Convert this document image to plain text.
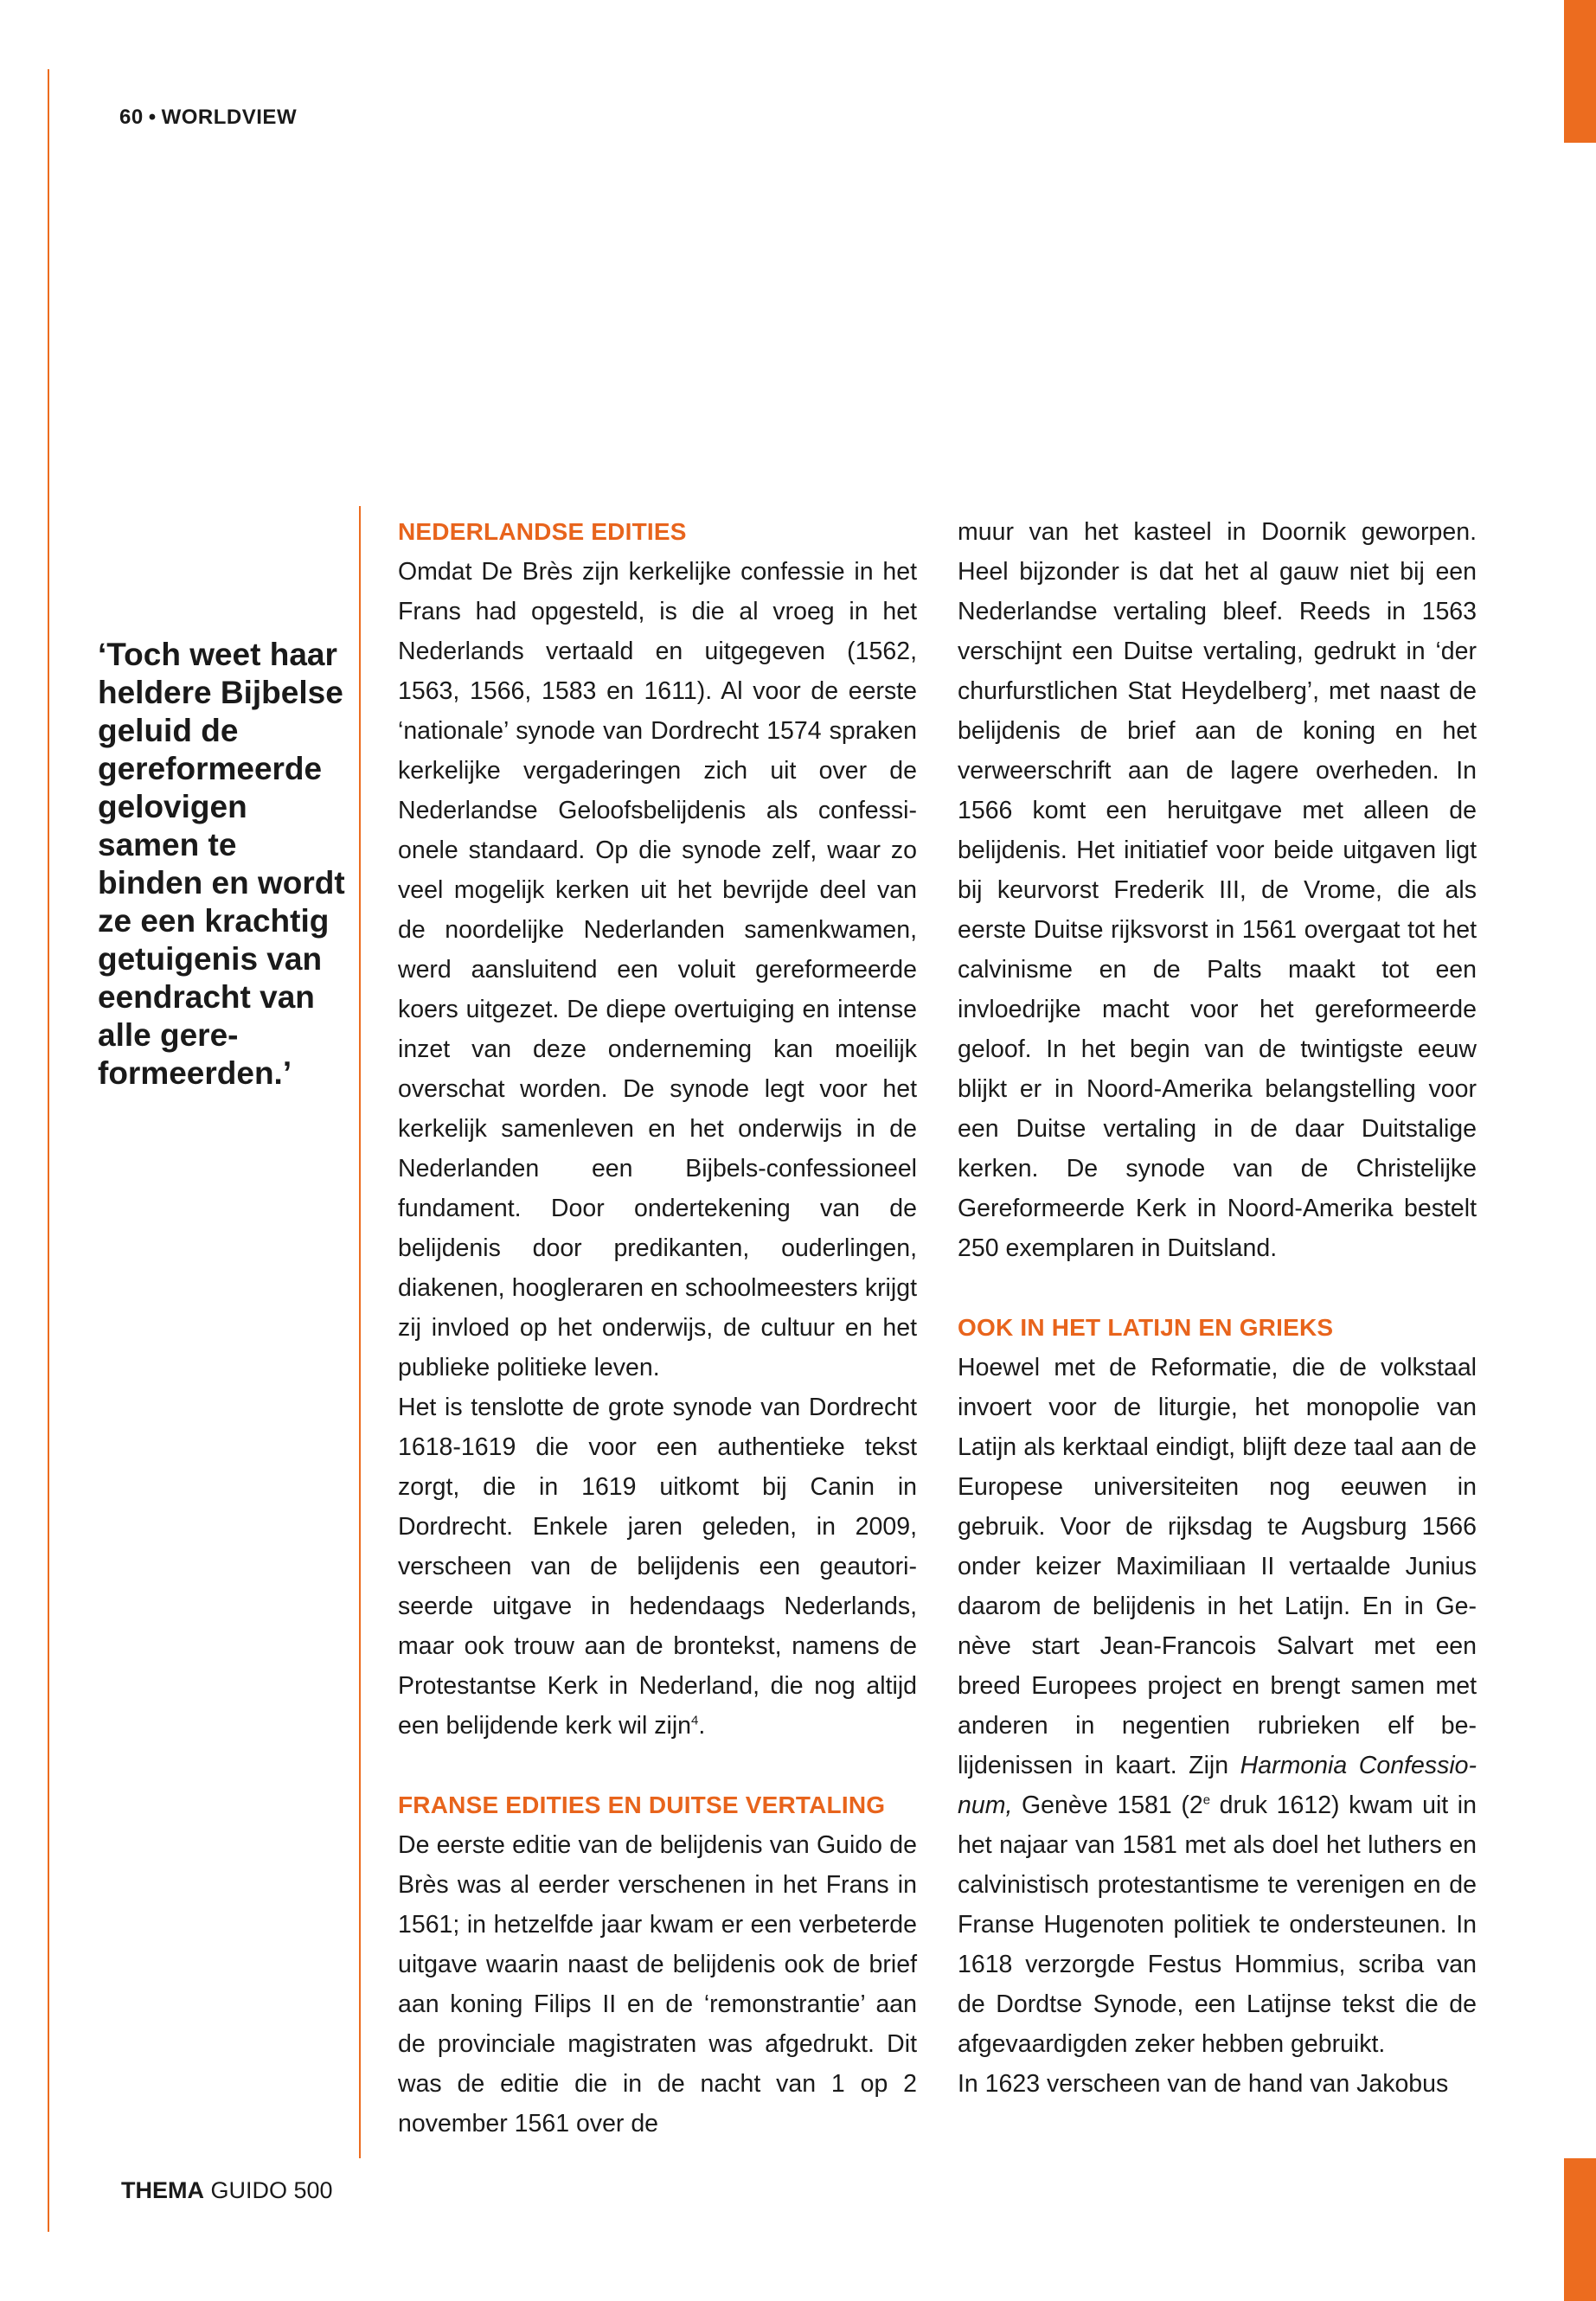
60 • WORLDVIEW
‘Toch weet haar heldere Bijbelse geluid de gereformeerde gelovigen samen te binden en wordt ze een krachtig getuigenis van eendracht van alle gere-formeerden.’
NEDERLANDSE EDITIES

Omdat De Brès zijn kerkelijke confessie in het Frans had opgesteld, is die al vroeg in het Nederlands vertaald en uitgegeven (1562, 1563, 1566, 1583 en 1611). Al voor de eerste ‘nationale’ synode van Dordrecht 1574 spraken kerkelijke vergaderingen zich uit over de Nederlandse Geloofsbelijdenis als confessionele standaard. Op die synode zelf, waar zo veel mogelijk kerken uit het bevrijde deel van de noordelijke Nederlanden samenkwamen, werd aansluitend een voluit gereformeerde koers uitgezet. De diepe overtuiging en intense inzet van deze onderneming kan moeilijk overschat worden. De synode legt voor het kerkelijk samenleven en het onderwijs in de Nederlanden een Bijbels-confessioneel fundament. Door ondertekening van de belijdenis door predikanten, ouderlingen, diakenen, hoogleraren en schoolmeesters krijgt zij invloed op het onderwijs, de cultuur en het publieke politieke leven.

Het is tenslotte de grote synode van Dordrecht 1618-1619 die voor een authentieke tekst zorgt, die in 1619 uitkomt bij Canin in Dordrecht. Enkele jaren geleden, in 2009, verscheen van de belijdenis een geautoriseerde uitgave in hedendaags Nederlands, maar ook trouw aan de brontekst, namens de Protestantse Kerk in Nederland, die nog altijd een belijdende kerk wil zijn$^4$.

FRANSE EDITIES EN DUITSE VERTALING

De eerste editie van de belijdenis van Guido de Brès was al eerder verschenen in het Frans in 1561; in hetzelfde jaar kwam er een verbeterde uitgave waarin naast de belijdenis ook de brief aan koning Filips II en de ‘remonstrantie’ aan de provinciale magistraten was afgedrukt. Dit was de editie die in de nacht van 1 op 2 november 1561 over de

muur van het kasteel in Doornik geworpen. Heel bijzonder is dat het al gauw niet bij een Nederlandse vertaling bleef. Reeds in 1563 verschijnt een Duitse vertaling, gedrukt in ‘der churfurstlichen Stat Heydelberg’, met naast de belijdenis de brief aan de koning en het verweerschrift aan de lagere overheden. In 1566 komt een heruitgave met alleen de belijdenis. Het initiatief voor beide uitgaven ligt bij keurvorst Frederik III, de Vrome, die als eerste Duitse rijksvorst in 1561 overgaat tot het calvinisme en de Palts maakt tot een invloedrijke macht voor het gereformeerde geloof. In het begin van de twintigste eeuw blijkt er in Noord-Amerika belangstelling voor een Duitse vertaling in de daar Duitstalige kerken. De synode van de Christelijke Gereformeerde Kerk in Noord-Amerika bestelt 250 exemplaren in Duitsland.

OOK IN HET LATIJN EN GRIEKS

Hoewel met de Reformatie, die de volkstaal invoert voor de liturgie, het monopolie van Latijn als kerktaal eindigt, blijft deze taal aan de Europese universiteiten nog eeuwen in gebruik. Voor de rijksdag te Augsburg 1566 onder keizer Maximiliaan II vertaalde Junius daarom de belijdenis in het Latijn. En in Genève start Jean-Francois Salvart met een breed Europees project en brengt samen met anderen in negentien rubrieken elf belijdenissen in kaart. Zijn Harmonia Confessionum, Genève 1581 (2e druk 1612) kwam uit in het najaar van 1581 met als doel het luthers en calvinistisch protestantisme te verenigen en de Franse Hugenoten politiek te ondersteunen. In 1618 verzorgde Festus Hommius, scriba van de Dordtse Synode, een Latijnse tekst die de afgevaardigden zeker hebben gebruikt.

In 1623 verscheen van de hand van Jakobus

THEMA GUIDO 500
